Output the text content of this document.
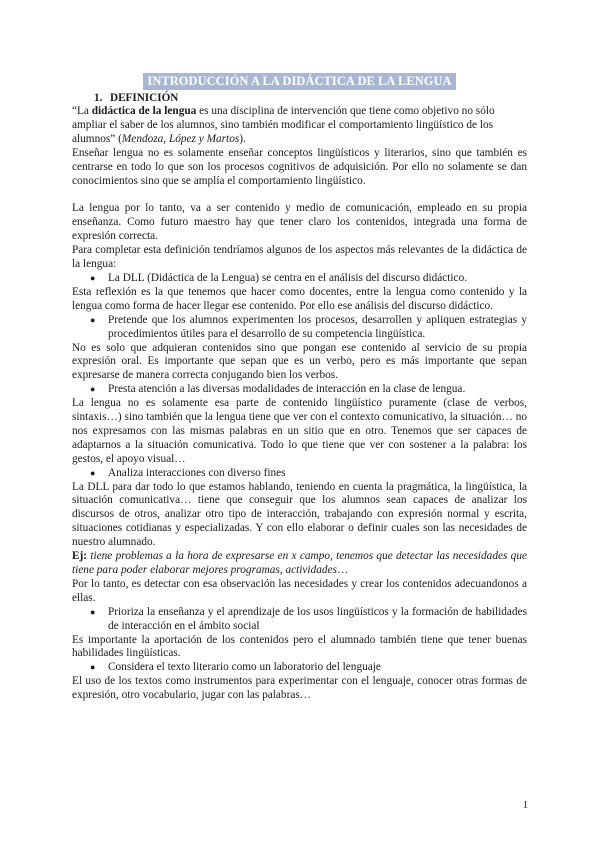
INTRODUCCIÓN A LA DIDÁCTICA DE LA LENGUA
1. DEFINICIÓN

“La didáctica de la lengua es una disciplina de intervención que tiene como objetivo no sólo ampliar el saber de los alumnos, sino también modificar el comportamiento lingüístico de los alumnos” (Mendoza, López y Martos).

Enseñar lengua no es solamente enseñar conceptos lingüísticos y literarios, sino que también es centrarse en todo lo que son los procesos cognitivos de adquisición. Por ello no solamente se dan conocimientos sino que se amplía el comportamiento lingüístico.

La lengua por lo tanto, va a ser contenido y medio de comunicación, empleado en su propia enseñanza. Como futuro maestro hay que tener claro los contenidos, integrada una forma de expresión correcta.

Para completar esta definición tendríamos algunos de los aspectos más relevantes de la didáctica de la lengua:

● La DLL (Didáctica de la Lengua) se centra en el análisis del discurso didáctico.

Esta reflexión es la que tenemos que hacer como docentes, entre la lengua como contenido y la lengua como forma de hacer llegar ese contenido. Por ello ese análisis del discurso didáctico.

● Pretende que los alumnos experimenten los procesos, desarrollen y apliquen estrategias y procedimientos útiles para el desarrollo de su competencia lingüística.

No es solo que adquieran contenidos sino que pongan ese contenido al servicio de su propia expresión oral. Es importante que sepan que es un verbo, pero es más importante que sepan expresarse de manera correcta conjugando bien los verbos.

● Presta atención a las diversas modalidades de interacción en la clase de lengua.

La lengua no es solamente esa parte de contenido lingüístico puramente (clase de verbos, sintaxis…) sino también que la lengua tiene que ver con el contexto comunicativo, la situación… no nos expresamos con las mismas palabras en un sitio que en otro. Tenemos que ser capaces de adaptarnos a la situación comunicativa. Todo lo que tiene que ver con sostener a la palabra: los gestos, el apoyo visual…

● Analiza interacciones con diverso fines

La DLL para dar todo lo que estamos hablando, teniendo en cuenta la pragmática, la lingüística, la situación comunicativa… tiene que conseguir que los alumnos sean capaces de analizar los discursos de otros, analizar otro tipo de interacción, trabajando con expresión normal y escrita, situaciones cotidianas y especializadas. Y con ello elaborar o definir cuales son las necesidades de nuestro alumnado.

Ej: tiene problemas a la hora de expresarse en x campo, tenemos que detectar las necesidades que tiene para poder elaborar mejores programas, actividades…

Por lo tanto, es detectar con esa observación las necesidades y crear los contenidos adecuandonos a ellas.

● Prioriza la enseñanza y el aprendizaje de los usos lingüísticos y la formación de habilidades de interacción en el ámbito social

Es importante la aportación de los contenidos pero el alumnado también tiene que tener buenas habilidades lingüísticas.

● Considera el texto literario como un laboratorio del lenguaje

El uso de los textos como instrumentos para experimentar con el lenguaje, conocer otras formas de expresión, otro vocabulario, jugar con las palabras…

1
